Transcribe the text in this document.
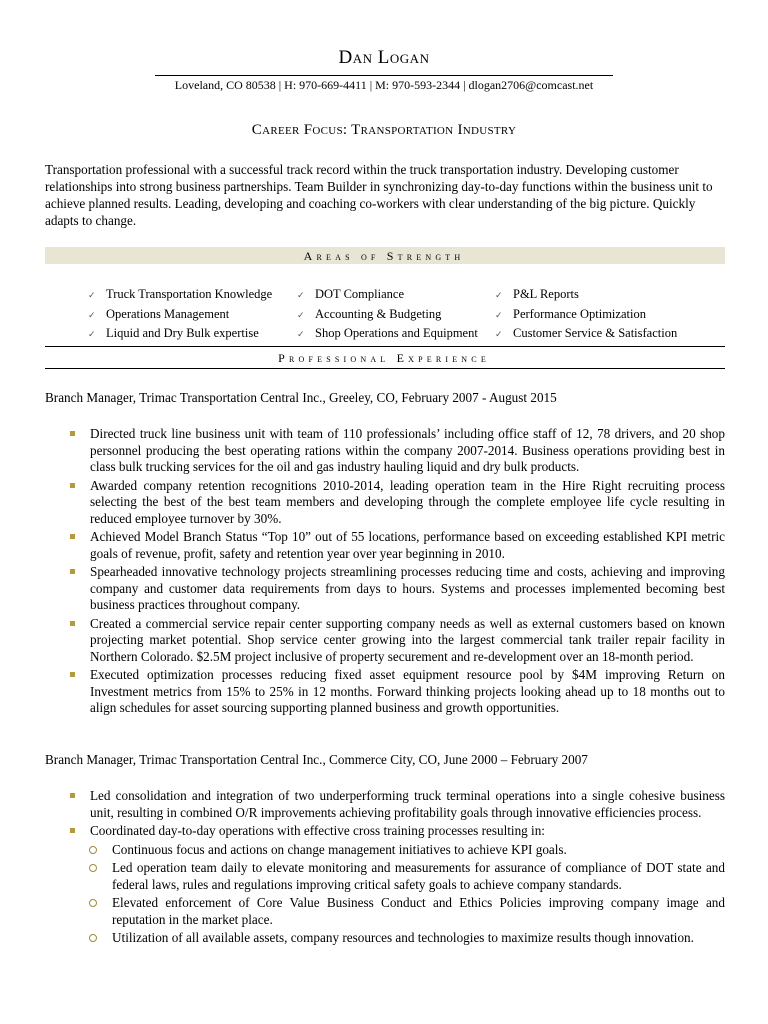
Dan Logan
Loveland, CO 80538 | H: 970-669-4411 | M: 970-593-2344 | dlogan2706@comcast.net
Career Focus: Transportation Industry
Transportation professional with a successful track record within the truck transportation industry. Developing customer relationships into strong business partnerships. Team Builder in synchronizing day-to-day functions within the business unit to achieve planned results. Leading, developing and coaching co-workers with clear understanding of the big picture. Quickly adapts to change.
Areas of Strength
✓ Truck Transportation Knowledge
✓ Operations Management
✓ Liquid and Dry Bulk expertise
✓ DOT Compliance
✓ Accounting & Budgeting
✓ Shop Operations and Equipment
✓ P&L Reports
✓ Performance Optimization
✓ Customer Service & Satisfaction
Professional Experience
Branch Manager, Trimac Transportation Central Inc., Greeley, CO, February 2007 - August 2015
Directed truck line business unit with team of 110 professionals’ including office staff of 12, 78 drivers, and 20 shop personnel producing the best operating rations within the company 2007-2014. Business operations providing best in class bulk trucking services for the oil and gas industry hauling liquid and dry bulk products.
Awarded company retention recognitions 2010-2014, leading operation team in the Hire Right recruiting process selecting the best of the best team members and developing through the complete employee life cycle resulting in reduced employee turnover by 30%.
Achieved Model Branch Status “Top 10” out of 55 locations, performance based on exceeding established KPI metric goals of revenue, profit, safety and retention year over year beginning in 2010.
Spearheaded innovative technology projects streamlining processes reducing time and costs, achieving and improving company and customer data requirements from days to hours. Systems and processes implemented becoming best business practices throughout company.
Created a commercial service repair center supporting company needs as well as external customers based on known projecting market potential. Shop service center growing into the largest commercial tank trailer repair facility in Northern Colorado. $2.5M project inclusive of property securement and re-development over an 18-month period.
Executed optimization processes reducing fixed asset equipment resource pool by $4M improving Return on Investment metrics from 15% to 25% in 12 months. Forward thinking projects looking ahead up to 18 months out to align schedules for asset sourcing supporting planned business and growth opportunities.
Branch Manager, Trimac Transportation Central Inc., Commerce City, CO, June 2000 – February 2007
Led consolidation and integration of two underperforming truck terminal operations into a single cohesive business unit, resulting in combined O/R improvements achieving profitability goals through innovative efficiencies process.
Coordinated day-to-day operations with effective cross training processes resulting in:
Continuous focus and actions on change management initiatives to achieve KPI goals.
Led operation team daily to elevate monitoring and measurements for assurance of compliance of DOT state and federal laws, rules and regulations improving critical safety goals to achieve company standards.
Elevated enforcement of Core Value Business Conduct and Ethics Policies improving company image and reputation in the market place.
Utilization of all available assets, company resources and technologies to maximize results though innovation.
